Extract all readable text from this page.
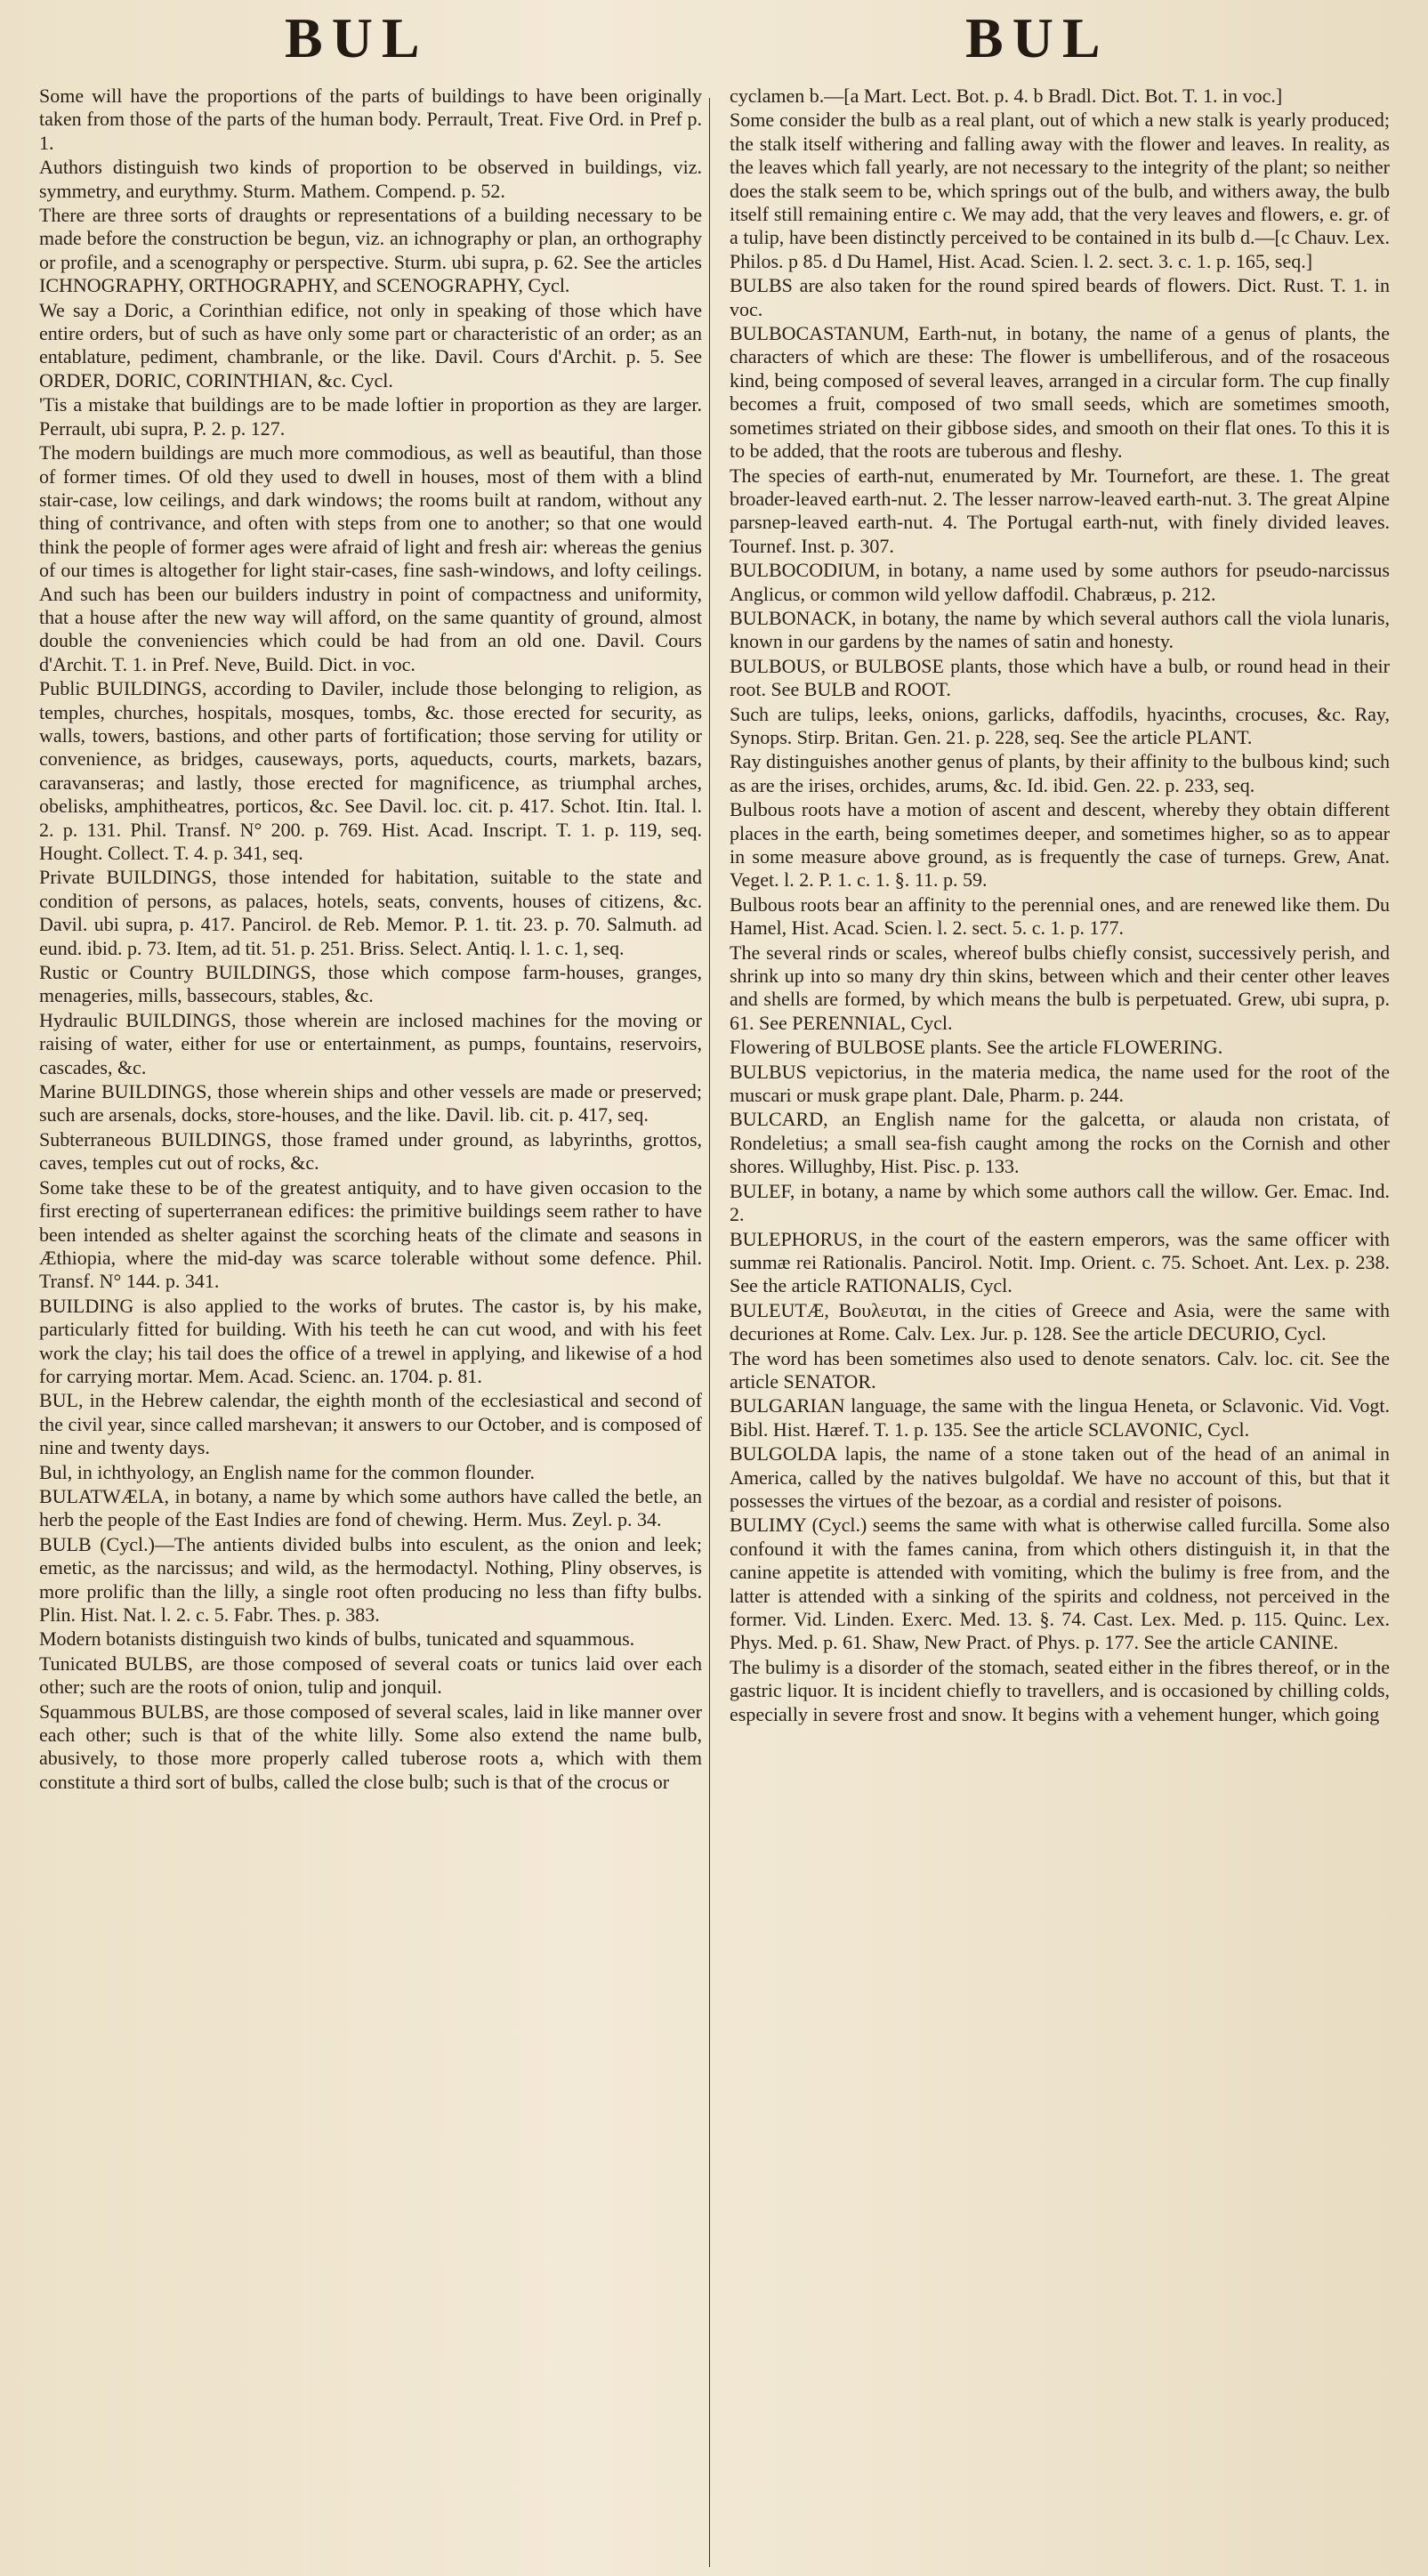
BUL	BUL

Some will have the proportions of the parts of buildings to have been originally taken from those of the parts of the human body. Perrault, Treat. Five Ord. in Pref p. 1.

Authors distinguish two kinds of proportion to be observed in buildings, viz. symmetry, and eurythmy. Sturm. Mathem. Compend. p. 52.

There are three sorts of draughts or representations of a building necessary to be made before the construction be begun, viz. an ichnography or plan, an orthography or profile, and a scenography or perspective. Sturm. ubi supra, p. 62. See the articles ICHNOGRAPHY, ORTHOGRAPHY, and SCENOGRAPHY, Cycl.

We say a Doric, a Corinthian edifice, not only in speaking of those which have entire orders, but of such as have only some part or characteristic of an order; as an entablature, pediment, chambranle, or the like. Davil. Cours d'Archit. p. 5. See ORDER, DORIC, CORINTHIAN, &c. Cycl.

'Tis a mistake that buildings are to be made loftier in proportion as they are larger. Perrault, ubi supra, P. 2. p. 127.

The modern buildings are much more commodious, as well as beautiful, than those of former times. Of old they used to dwell in houses, most of them with a blind stair-case, low ceilings, and dark windows; the rooms built at random, without any thing of contrivance, and often with steps from one to another; so that one would think the people of former ages were afraid of light and fresh air: whereas the genius of our times is altogether for light stair-cases, fine sash-windows, and lofty ceilings. And such has been our builders industry in point of compactness and uniformity, that a house after the new way will afford, on the same quantity of ground, almost double the conveniencies which could be had from an old one. Davil. Cours d'Archit. T. 1. in Pref. Neve, Build. Dict. in voc.

Public BUILDINGS, according to Daviler, include those belonging to religion, as temples, churches, hospitals, mosques, tombs, &c. those erected for security, as walls, towers, bastions, and other parts of fortification; those serving for utility or convenience, as bridges, causeways, ports, aqueducts, courts, markets, bazars, caravanseras; and lastly, those erected for magnificence, as triumphal arches, obelisks, amphitheatres, porticos, &c. See Davil. loc. cit. p. 417. Schot. Itin. Ital. l. 2. p. 131. Phil. Transf. N° 200. p. 769. Hist. Acad. Inscript. T. 1. p. 119, seq. Hought. Collect. T. 4. p. 341, seq.

Private BUILDINGS, those intended for habitation, suitable to the state and condition of persons, as palaces, hotels, seats, convents, houses of citizens, &c. Davil. ubi supra, p. 417. Pancirol. de Reb. Memor. P. 1. tit. 23. p. 70. Salmuth. ad eund. ibid. p. 73. Item, ad tit. 51. p. 251. Briss. Select. Antiq. l. 1. c. 1, seq.

Rustic or Country BUILDINGS, those which compose farm-houses, granges, menageries, mills, bassecours, stables, &c.

Hydraulic BUILDINGS, those wherein are inclosed machines for the moving or raising of water, either for use or entertainment, as pumps, fountains, reservoirs, cascades, &c.

Marine BUILDINGS, those wherein ships and other vessels are made or preserved; such are arsenals, docks, store-houses, and the like. Davil. lib. cit. p. 417, seq.

Subterraneous BUILDINGS, those framed under ground, as labyrinths, grottos, caves, temples cut out of rocks, &c.

Some take these to be of the greatest antiquity, and to have given occasion to the first erecting of superterranean edifices: the primitive buildings seem rather to have been intended as shelter against the scorching heats of the climate and seasons in Æthiopia, where the mid-day was scarce tolerable without some defence. Phil. Transf. N° 144. p. 341.

BUILDING is also applied to the works of brutes. The castor is, by his make, particularly fitted for building. With his teeth he can cut wood, and with his feet work the clay; his tail does the office of a trewel in applying, and likewise of a hod for carrying mortar. Mem. Acad. Scienc. an. 1704. p. 81.

BUL, in the Hebrew calendar, the eighth month of the ecclesiastical and second of the civil year, since called marshevan; it answers to our October, and is composed of nine and twenty days.

Bul, in ichthyology, an English name for the common flounder.

BULATWÆLA, in botany, a name by which some authors have called the betle, an herb the people of the East Indies are fond of chewing. Herm. Mus. Zeyl. p. 34.

BULB (Cycl.)—The antients divided bulbs into esculent, as the onion and leek; emetic, as the narcissus; and wild, as the hermodactyl. Nothing, Pliny observes, is more prolific than the lilly, a single root often producing no less than fifty bulbs. Plin. Hist. Nat. l. 2. c. 5. Fabr. Thes. p. 383.

Modern botanists distinguish two kinds of bulbs, tunicated and squammous.

Tunicated BULBS, are those composed of several coats or tunics laid over each other; such are the roots of onion, tulip and jonquil.

Squammous BULBS, are those composed of several scales, laid in like manner over each other; such is that of the white lilly. Some also extend the name bulb, abusively, to those more properly called tuberose roots a, which with them constitute a third sort of bulbs, called the close bulb; such is that of the crocus or

cyclamen b.—[a Mart. Lect. Bot. p. 4. b Bradl. Dict. Bot. T. 1. in voc.]

Some consider the bulb as a real plant, out of which a new stalk is yearly produced; the stalk itself withering and falling away with the flower and leaves. In reality, as the leaves which fall yearly, are not necessary to the integrity of the plant; so neither does the stalk seem to be, which springs out of the bulb, and withers away, the bulb itself still remaining entire c. We may add, that the very leaves and flowers, e. gr. of a tulip, have been distinctly perceived to be contained in its bulb d.—[c Chauv. Lex. Philos. p 85. d Du Hamel, Hist. Acad. Scien. l. 2. sect. 3. c. 1. p. 165, seq.]

BULBS are also taken for the round spired beards of flowers. Dict. Rust. T. 1. in voc.

BULBOCASTANUM, Earth-nut, in botany, the name of a genus of plants, the characters of which are these: The flower is umbelliferous, and of the rosaceous kind, being composed of several leaves, arranged in a circular form. The cup finally becomes a fruit, composed of two small seeds, which are sometimes smooth, sometimes striated on their gibbose sides, and smooth on their flat ones. To this it is to be added, that the roots are tuberous and fleshy.

The species of earth-nut, enumerated by Mr. Tournefort, are these. 1. The great broader-leaved earth-nut. 2. The lesser narrow-leaved earth-nut. 3. The great Alpine parsnep-leaved earth-nut. 4. The Portugal earth-nut, with finely divided leaves. Tournef. Inst. p. 307.

BULBOCODIUM, in botany, a name used by some authors for pseudo-narcissus Anglicus, or common wild yellow daffodil. Chabræus, p. 212.

BULBONACK, in botany, the name by which several authors call the viola lunaris, known in our gardens by the names of satin and honesty.

BULBOUS, or BULBOSE plants, those which have a bulb, or round head in their root. See BULB and ROOT.

Such are tulips, leeks, onions, garlicks, daffodils, hyacinths, crocuses, &c. Ray, Synops. Stirp. Britan. Gen. 21. p. 228, seq. See the article PLANT.

Ray distinguishes another genus of plants, by their affinity to the bulbous kind; such as are the irises, orchides, arums, &c. Id. ibid. Gen. 22. p. 233, seq.

Bulbous roots have a motion of ascent and descent, whereby they obtain different places in the earth, being sometimes deeper, and sometimes higher, so as to appear in some measure above ground, as is frequently the case of turneps. Grew, Anat. Veget. l. 2. P. 1. c. 1. §. 11. p. 59.

Bulbous roots bear an affinity to the perennial ones, and are renewed like them. Du Hamel, Hist. Acad. Scien. l. 2. sect. 5. c. 1. p. 177.

The several rinds or scales, whereof bulbs chiefly consist, successively perish, and shrink up into so many dry thin skins, between which and their center other leaves and shells are formed, by which means the bulb is perpetuated. Grew, ubi supra, p. 61. See PERENNIAL, Cycl.

Flowering of BULBOSE plants. See the article FLOWERING.

BULBUS vepictorius, in the materia medica, the name used for the root of the muscari or musk grape plant. Dale, Pharm. p. 244.

BULCARD, an English name for the galcetta, or alauda non cristata, of Rondeletius; a small sea-fish caught among the rocks on the Cornish and other shores. Willughby, Hist. Pisc. p. 133.

BULEF, in botany, a name by which some authors call the willow. Ger. Emac. Ind. 2.

BULEPHORUS, in the court of the eastern emperors, was the same officer with summæ rei Rationalis. Pancirol. Notit. Imp. Orient. c. 75. Schoet. Ant. Lex. p. 238. See the article RATIONALIS, Cycl.

BULEUTÆ, Βουλευται, in the cities of Greece and Asia, were the same with decuriones at Rome. Calv. Lex. Jur. p. 128. See the article DECURIO, Cycl.

The word has been sometimes also used to denote senators. Calv. loc. cit. See the article SENATOR.

BULGARIAN language, the same with the lingua Heneta, or Sclavonic. Vid. Vogt. Bibl. Hist. Hæref. T. 1. p. 135. See the article SCLAVONIC, Cycl.

BULGOLDA lapis, the name of a stone taken out of the head of an animal in America, called by the natives bulgoldaf. We have no account of this, but that it possesses the virtues of the bezoar, as a cordial and resister of poisons.

BULIMY (Cycl.) seems the same with what is otherwise called furcilla. Some also confound it with the fames canina, from which others distinguish it, in that the canine appetite is attended with vomiting, which the bulimy is free from, and the latter is attended with a sinking of the spirits and coldness, not perceived in the former. Vid. Linden. Exerc. Med. 13. §. 74. Cast. Lex. Med. p. 115. Quinc. Lex. Phys. Med. p. 61. Shaw, New Pract. of Phys. p. 177. See the article CANINE.

The bulimy is a disorder of the stomach, seated either in the fibres thereof, or in the gastric liquor. It is incident chiefly to travellers, and is occasioned by chilling colds, especially in severe frost and snow. It begins with a vehement hunger, which going
